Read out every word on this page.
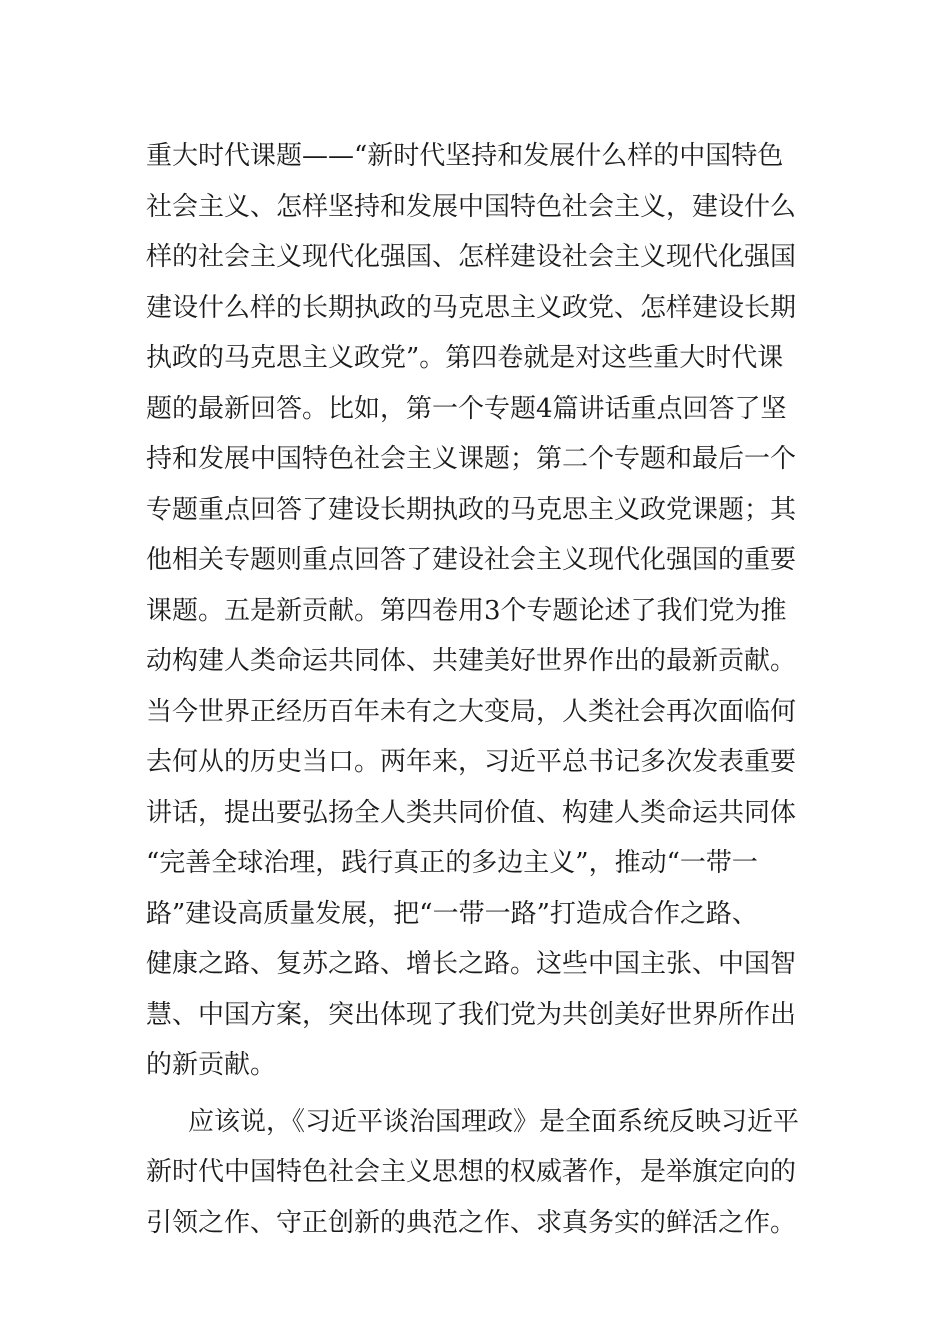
重大时代课题——“新时代坚持和发展什么样的中国特色
社会主义、怎样坚持和发展中国特色社会主义，建设什么
样的社会主义现代化强国、怎样建设社会主义现代化强国
建设什么样的长期执政的马克思主义政党、怎样建设长期
执政的马克思主义政党”。第四卷就是对这些重大时代课
题的最新回答。比如，第一个专题4篇讲话重点回答了坚
持和发展中国特色社会主义课题；第二个专题和最后一个
专题重点回答了建设长期执政的马克思主义政党课题；其
他相关专题则重点回答了建设社会主义现代化强国的重要
课题。五是新贡献。第四卷用3个专题论述了我们党为推
动构建人类命运共同体、共建美好世界作出的最新贡献。
当今世界正经历百年未有之大变局，人类社会再次面临何
去何从的历史当口。两年来，习近平总书记多次发表重要
讲话，提出要弘扬全人类共同价值、构建人类命运共同体
“完善全球治理，践行真正的多边主义”，推动“一带一
路”建设高质量发展，把“一带一路”打造成合作之路、
健康之路、复苏之路、增长之路。这些中国主张、中国智
慧、中国方案，突出体现了我们党为共创美好世界所作出
的新贡献。
应该说，《习近平谈治国理政》是全面系统反映习近平
新时代中国特色社会主义思想的权威著作，是举旗定向的
引领之作、守正创新的典范之作、求真务实的鲜活之作。
